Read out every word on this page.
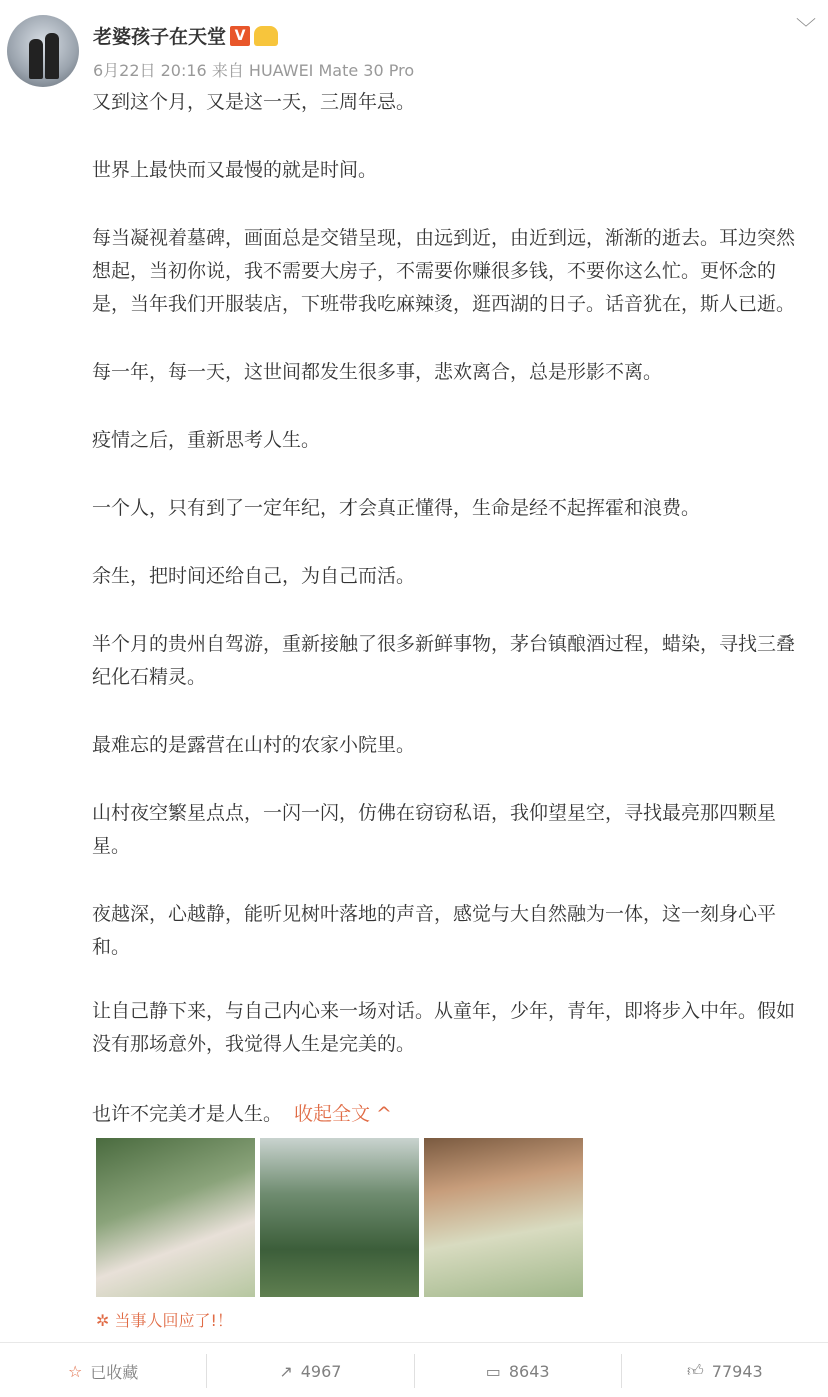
老婆孩子在天堂 V
6月22日 20:16 来自 HUAWEI Mate 30 Pro
﹀

又到这个月，又是这一天，三周年忌。

世界上最快而又最慢的就是时间。

每当凝视着墓碑，画面总是交错呈现，由远到近，由近到远，渐渐的逝去。耳边突然想起，当初你说，我不需要大房子，不需要你赚很多钱，不要你这么忙。更怀念的是，当年我们开服装店，下班带我吃麻辣烫，逛西湖的日子。话音犹在，斯人已逝。

每一年，每一天，这世间都发生很多事，悲欢离合，总是形影不离。

疫情之后，重新思考人生。

一个人，只有到了一定年纪，才会真正懂得，生命是经不起挥霍和浪费。

余生，把时间还给自己，为自己而活。

半个月的贵州自驾游，重新接触了很多新鲜事物，茅台镇酿酒过程，蜡染，寻找三叠纪化石精灵。

最难忘的是露营在山村的农家小院里。

山村夜空繁星点点，一闪一闪，仿佛在窃窃私语，我仰望星空，寻找最亮那四颗星星。

夜越深，心越静，能听见树叶落地的声音，感觉与大自然融为一体，这一刻身心平和。

让自己静下来，与自己内心来一场对话。从童年，少年，青年，即将步入中年。假如没有那场意外，我觉得人生是完美的。

也许不完美才是人生。 收起全文 ^
✲ 当事人回应了!！
☆ 已收藏	↗ 4967	▭ 8643	👍︎ 77943
